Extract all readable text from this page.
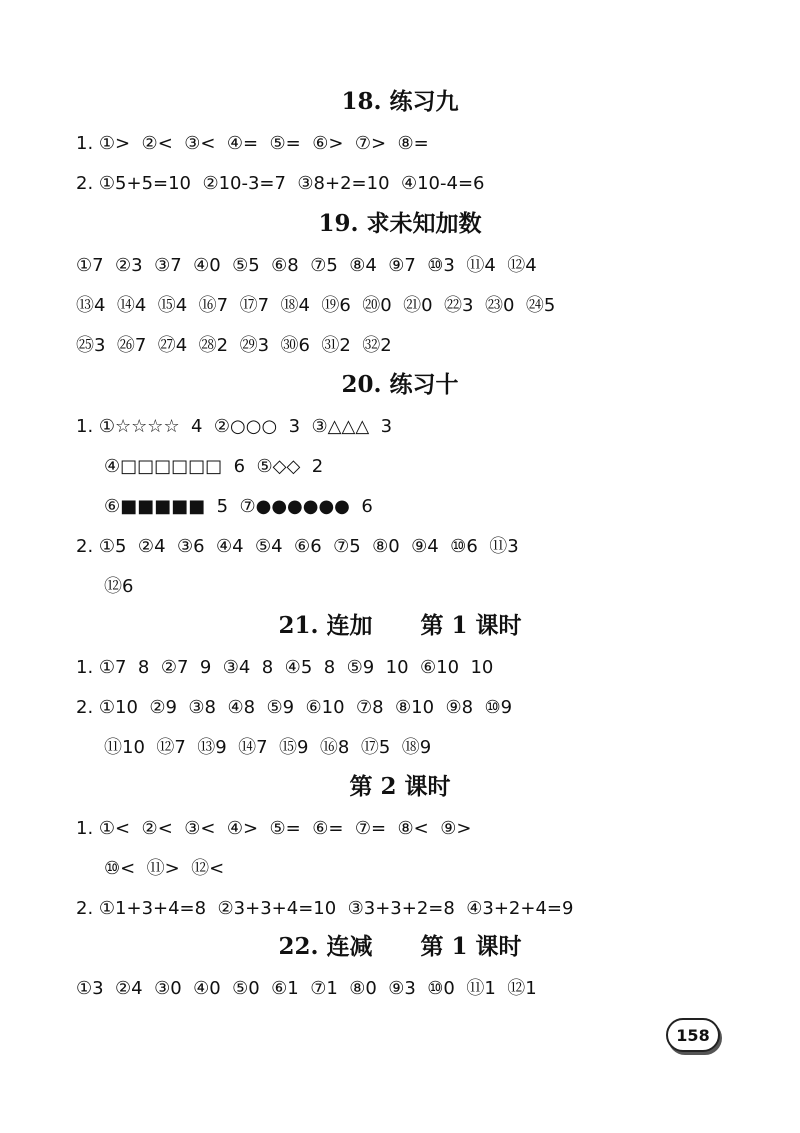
18. 练习九
1. ①>  ②<  ③<  ④=  ⑤=  ⑥>  ⑦>  ⑧=
2. ①5+5=10  ②10-3=7  ③8+2=10  ④10-4=6
19. 求未知加数
①7  ②3  ③7  ④0  ⑤5  ⑥8  ⑦5  ⑧4  ⑨7  ⑩3  ⑪4  ⑫4
⑬4  ⑭4  ⑮4  ⑯7  ⑰7  ⑱4  ⑲6  ⑳0  ㉑0  ㉒3  ㉓0  ㉔5
㉕3  ㉖7  ㉗4  ㉘2  ㉙3  ㉚6  ㉛2  ㉜2
20. 练习十
1. ①☆☆☆☆  4  ②○○○  3  ③△△△  3
④□□□□□□  6  ⑤◇◇  2
⑥■■■■■  5  ⑦●●●●●●  6
2. ①5  ②4  ③6  ④4  ⑤4  ⑥6  ⑦5  ⑧0  ⑨4  ⑩6  ⑪3
⑫6
21. 连加      第 1 课时
1. ①7  8  ②7  9  ③4  8  ④5  8  ⑤9  10  ⑥10  10
2. ①10  ②9  ③8  ④8  ⑤9  ⑥10  ⑦8  ⑧10  ⑨8  ⑩9
⑪10  ⑫7  ⑬9  ⑭7  ⑮9  ⑯8  ⑰5  ⑱9
第 2 课时
1. ①<  ②<  ③<  ④>  ⑤=  ⑥=  ⑦=  ⑧<  ⑨>
⑩<  ⑪>  ⑫<
2. ①1+3+4=8  ②3+3+4=10  ③3+3+2=8  ④3+2+4=9
22. 连减      第 1 课时
①3  ②4  ③0  ④0  ⑤0  ⑥1  ⑦1  ⑧0  ⑨3  ⑩0  ⑪1  ⑫1
158
